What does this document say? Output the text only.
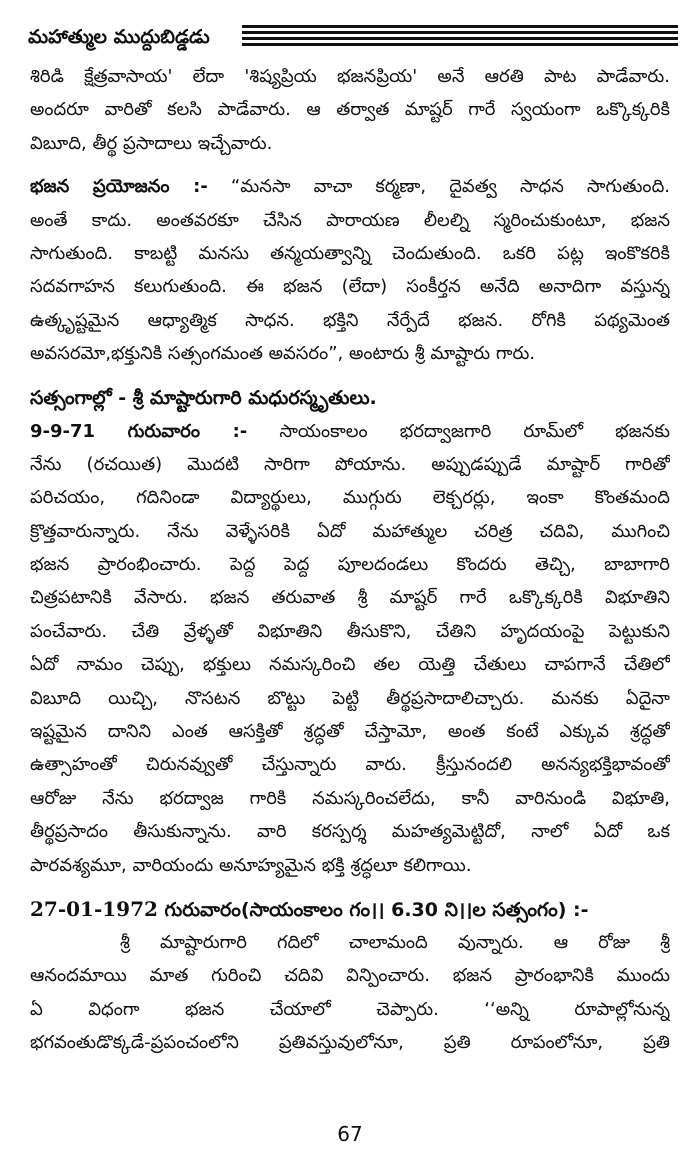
మహాత్ముల ముద్దుబిడ్డడు
శిరిడి క్షేత్రవాసాయ' లేదా 'శిష్యప్రియ భజనప్రియ' అనే ఆరతి పాట పాడేవారు.
అందరూ వారితో కలసి పాడేవారు. ఆ తర్వాత మాష్టర్ గారే స్వయంగా ఒక్కొక్కరికి
విబూది, తీర్థ ప్రసాదాలు ఇచ్చేవారు.
భజన ప్రయోజనం :- “మనసా వాచా కర్మణా, దైవత్వ సాధన సాగుతుంది.
అంతే కాదు. అంతవరకూ చేసిన పారాయణ లీలల్ని స్మరించుకుంటూ, భజన
సాగుతుంది. కాబట్టి మనసు తన్మయత్వాన్ని చెందుతుంది. ఒకరి పట్ల ఇంకొకరికి
సదవగాహన కలుగుతుంది. ఈ భజన (లేదా) సంకీర్తన అనేది అనాదిగా వస్తున్న
ఉత్కృష్టమైన ఆధ్యాత్మిక సాధన. భక్తిని నేర్పేదే భజన. రోగికి పథ్యమెంత
అవసరమో,భక్తునికి సత్సంగమంత అవసరం”, అంటారు శ్రీ మాష్టారు గారు.
సత్సంగాల్లో - శ్రీ మాష్టారుగారి మధురస్మృతులు.
9-9-71 గురువారం :- సాయంకాలం భరద్వాజగారి రూమ్‌లో భజనకు
నేను (రచయిత) మొదటి సారిగా పోయాను. అప్పుడప్పుడే మాష్టార్ గారితో
పరిచయం, గదినిండా విద్యార్థులు, ముగ్గురు లెక్చరర్లు, ఇంకా కొంతమంది
క్రొత్తవారున్నారు. నేను వెళ్ళేసరికి ఏదో మహాత్ముల చరిత్ర చదివి, ముగించి
భజన ప్రారంభించారు. పెద్ద పెద్ద పూలదండలు కొందరు తెచ్చి, బాబాగారి
చిత్రపటానికి వేసారు. భజన తరువాత శ్రీ మాష్టర్ గారే ఒక్కొక్కరికి విభూతిని
పంచేవారు. చేతి వ్రేళ్ళతో విభూతిని తీసుకొని, చేతిని హృదయంపై పెట్టుకుని
ఏదో నామం చెప్పు, భక్తులు నమస్కరించి తల యెత్తి చేతులు చాపగానే చేతిలో
విబూది యిచ్చి, నొసటన బొట్టు పెట్టి తీర్థప్రసాదాలిచ్చారు. మనకు ఏదైనా
ఇష్టమైన దానిని ఎంత ఆసక్తితో శ్రద్ధతో చేస్తామో, అంత కంటే ఎక్కువ శ్రద్ధతో
ఉత్సాహంతో చిరునవ్వుతో చేస్తున్నారు వారు. క్రీస్తునందలి అనన్యభక్తిభావంతో
ఆరోజు నేను భరద్వాజ గారికి నమస్కరించలేదు, కానీ వారినుండి విభూతి,
తీర్థప్రసాదం తీసుకున్నాను. వారి కరస్పర్శ మహత్యమెట్టిదో, నాలో ఏదో ఒక
పారవశ్యమూ, వారియందు అనూహ్యమైన భక్తి శ్రద్ధలూ కలిగాయి.
27-01-1972 గురువారం(సాయంకాలం గం।। 6.30 ని।।ల సత్సంగం) :-
శ్రీ మాష్టారుగారి గదిలో చాలామంది వున్నారు. ఆ రోజు శ్రీ
ఆనందమాయి మాత గురించి చదివి విన్పించారు. భజన ప్రారంభానికి ముందు
ఏ విధంగా భజన చేయాలో చెప్పారు. ‘‘అన్ని రూపాల్లోనున్న
భగవంతుడొక్కడే-ప్రపంచంలోని ప్రతివస్తువులోనూ, ప్రతి రూపంలోనూ, ప్రతి
67
